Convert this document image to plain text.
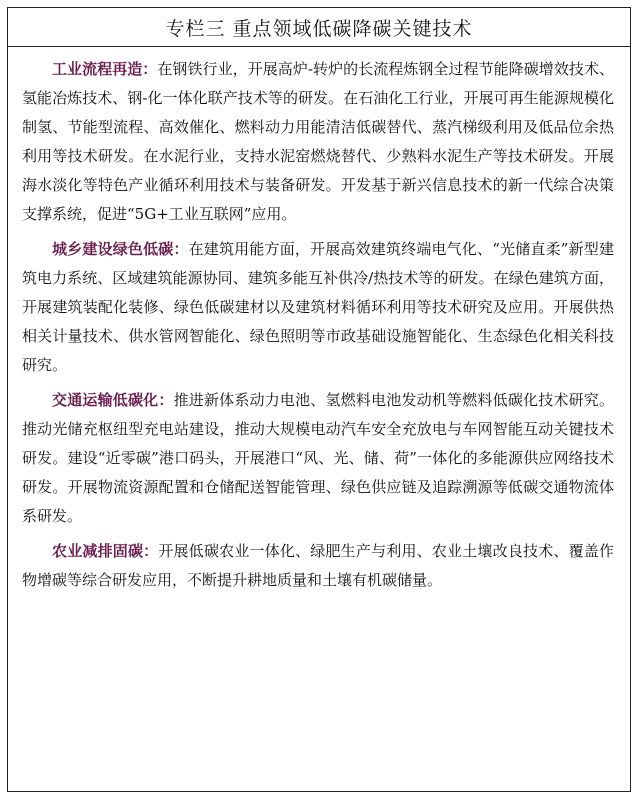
专栏三 重点领域低碳降碳关键技术

工业流程再造：在钢铁行业，开展高炉-转炉的长流程炼钢全过程节能降碳增效技术、氢能冶炼技术、钢-化一体化联产技术等的研发。在石油化工行业，开展可再生能源规模化制氢、节能型流程、高效催化、燃料动力用能清洁低碳替代、蒸汽梯级利用及低品位余热利用等技术研发。在水泥行业，支持水泥窑燃烧替代、少熟料水泥生产等技术研发。开展海水淡化等特色产业循环利用技术与装备研发。开发基于新兴信息技术的新一代综合决策支撑系统，促进“5G+工业互联网”应用。

城乡建设绿色低碳：在建筑用能方面，开展高效建筑终端电气化、“光储直柔”新型建筑电力系统、区域建筑能源协同、建筑多能互补供冷/热技术等的研发。在绿色建筑方面，开展建筑装配化装修、绿色低碳建材以及建筑材料循环利用等技术研究及应用。开展供热相关计量技术、供水管网智能化、绿色照明等市政基础设施智能化、生态绿色化相关科技研究。

交通运输低碳化：推进新体系动力电池、氢燃料电池发动机等燃料低碳化技术研究。推动光储充枢纽型充电站建设，推动大规模电动汽车安全充放电与车网智能互动关键技术研发。建设“近零碳”港口码头，开展港口“风、光、储、荷”一体化的多能源供应网络技术研发。开展物流资源配置和仓储配送智能管理、绿色供应链及追踪溯源等低碳交通物流体系研发。

农业减排固碳：开展低碳农业一体化、绿肥生产与利用、农业土壤改良技术、覆盖作物增碳等综合研发应用，不断提升耕地质量和土壤有机碳储量。
